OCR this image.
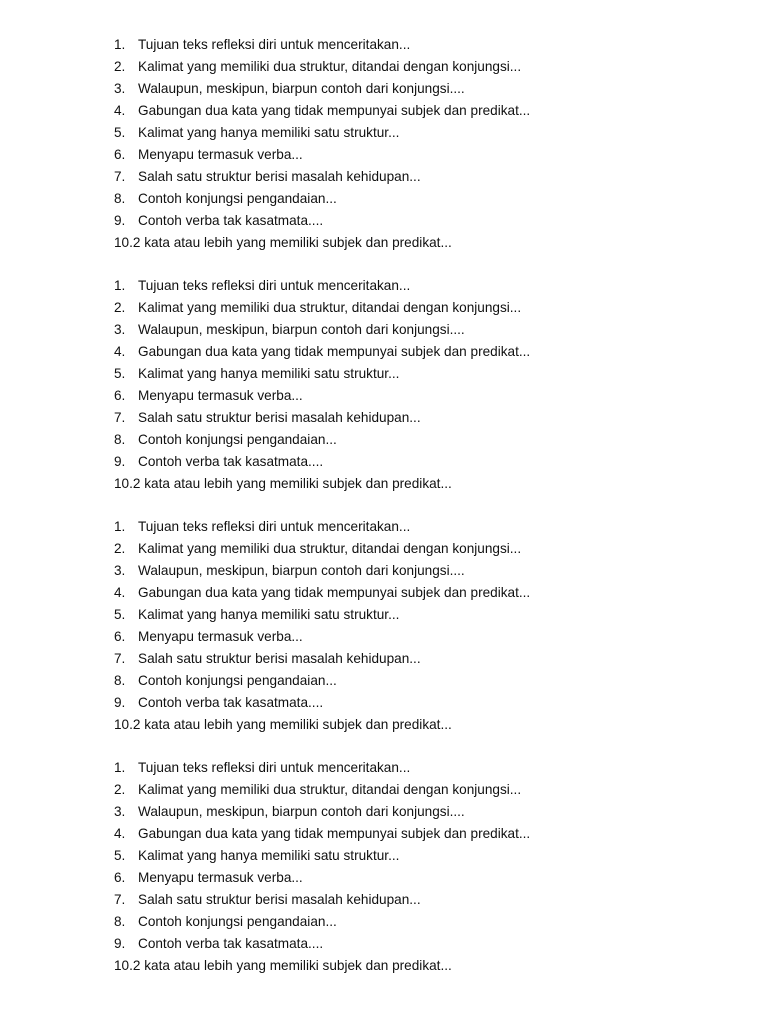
1. Tujuan teks refleksi diri untuk menceritakan...
2. Kalimat yang memiliki dua struktur, ditandai dengan konjungsi...
3. Walaupun, meskipun, biarpun contoh dari konjungsi....
4. Gabungan dua kata yang tidak mempunyai subjek dan predikat...
5. Kalimat yang hanya memiliki satu struktur...
6. Menyapu termasuk verba...
7. Salah satu struktur berisi masalah kehidupan...
8. Contoh konjungsi pengandaian...
9. Contoh verba tak kasatmata....
10. 2 kata atau lebih yang memiliki subjek dan predikat...
1. Tujuan teks refleksi diri untuk menceritakan...
2. Kalimat yang memiliki dua struktur, ditandai dengan konjungsi...
3. Walaupun, meskipun, biarpun contoh dari konjungsi....
4. Gabungan dua kata yang tidak mempunyai subjek dan predikat...
5. Kalimat yang hanya memiliki satu struktur...
6. Menyapu termasuk verba...
7. Salah satu struktur berisi masalah kehidupan...
8. Contoh konjungsi pengandaian...
9. Contoh verba tak kasatmata....
10. 2 kata atau lebih yang memiliki subjek dan predikat...
1. Tujuan teks refleksi diri untuk menceritakan...
2. Kalimat yang memiliki dua struktur, ditandai dengan konjungsi...
3. Walaupun, meskipun, biarpun contoh dari konjungsi....
4. Gabungan dua kata yang tidak mempunyai subjek dan predikat...
5. Kalimat yang hanya memiliki satu struktur...
6. Menyapu termasuk verba...
7. Salah satu struktur berisi masalah kehidupan...
8. Contoh konjungsi pengandaian...
9. Contoh verba tak kasatmata....
10. 2 kata atau lebih yang memiliki subjek dan predikat...
1. Tujuan teks refleksi diri untuk menceritakan...
2. Kalimat yang memiliki dua struktur, ditandai dengan konjungsi...
3. Walaupun, meskipun, biarpun contoh dari konjungsi....
4. Gabungan dua kata yang tidak mempunyai subjek dan predikat...
5. Kalimat yang hanya memiliki satu struktur...
6. Menyapu termasuk verba...
7. Salah satu struktur berisi masalah kehidupan...
8. Contoh konjungsi pengandaian...
9. Contoh verba tak kasatmata....
10. 2 kata atau lebih yang memiliki subjek dan predikat...
